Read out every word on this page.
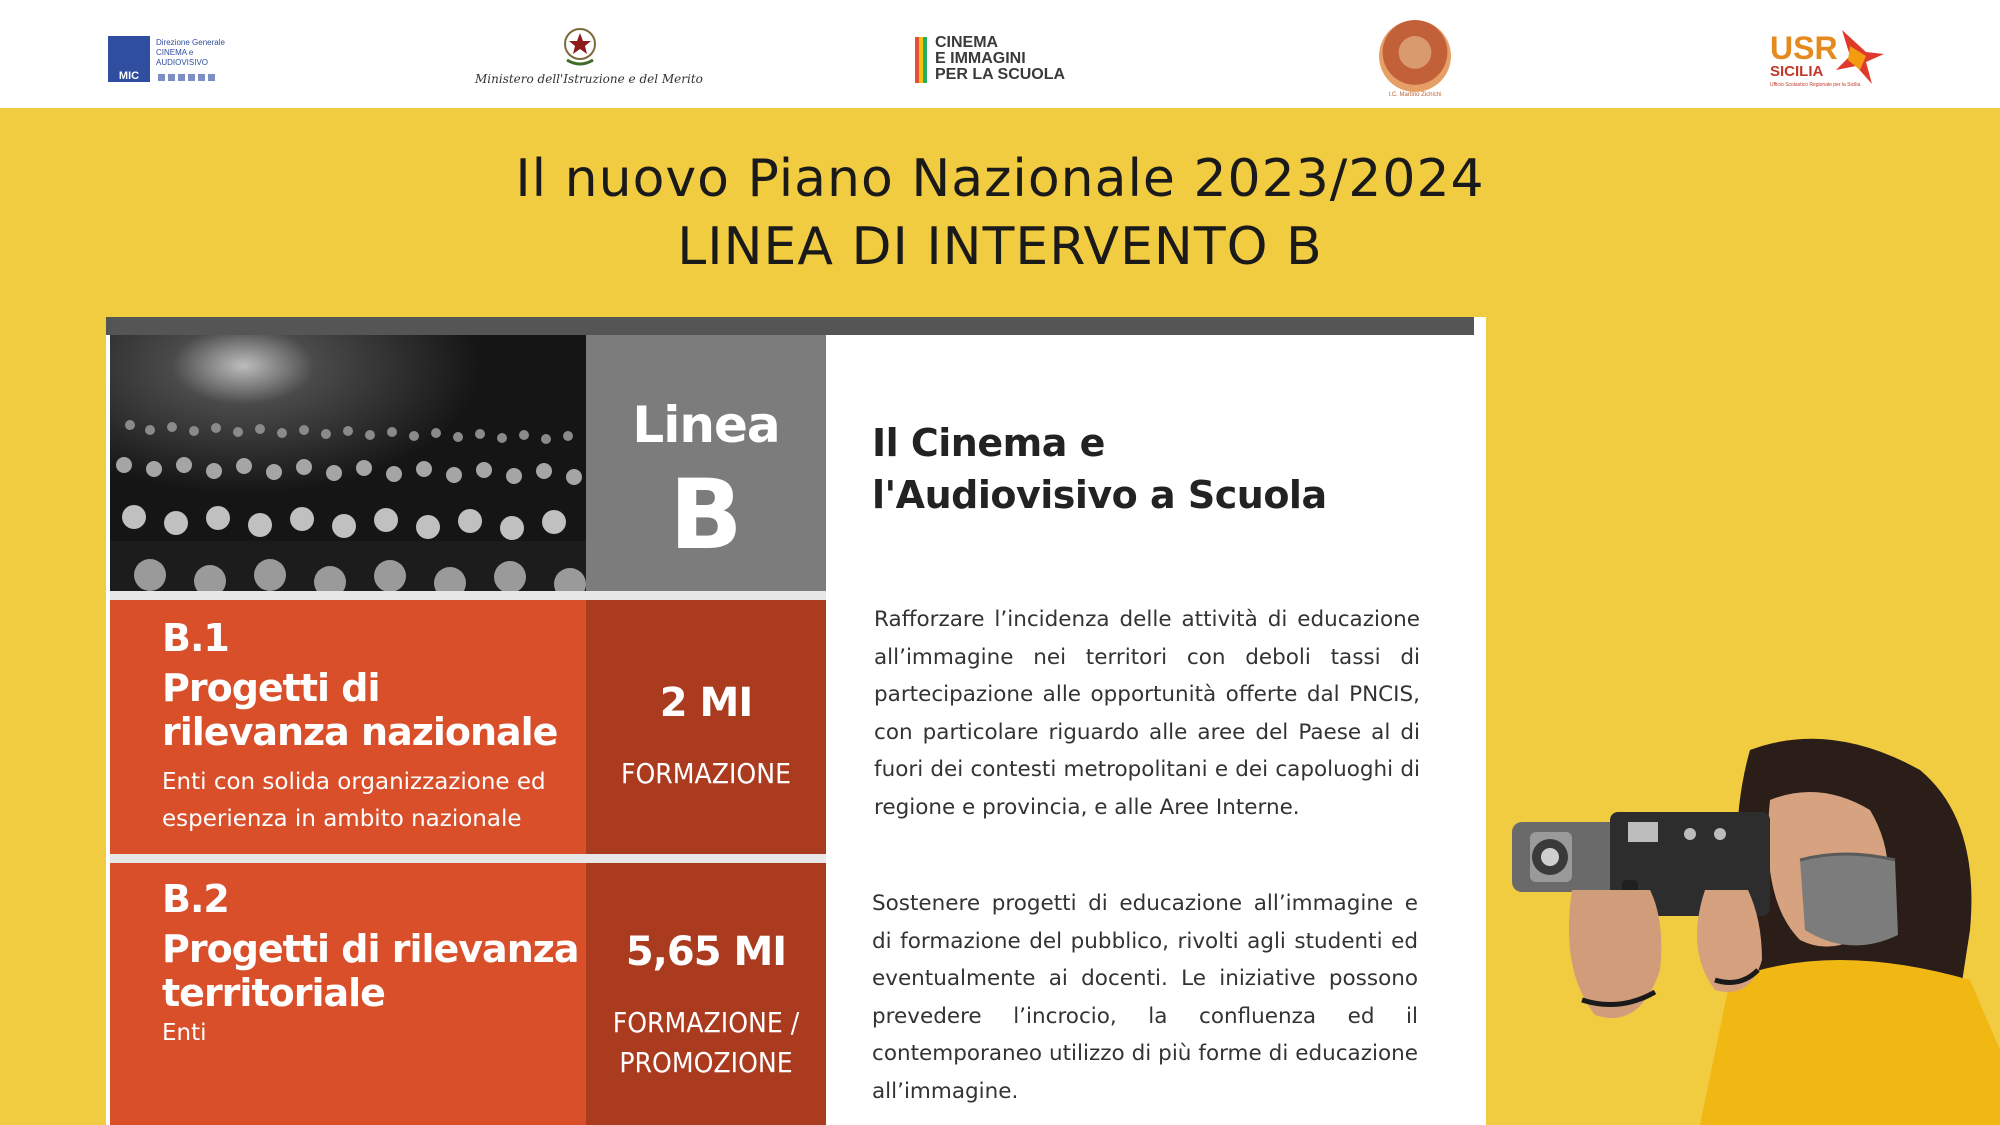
MIC
Direzione Generale
CINEMA e
AUDIOVISIVO
Ministero dell'Istruzione e del Merito
CINEMA
E IMMAGINI
PER LA SCUOLA
I.C. Martino Zichichi
USR
SICILIA
Ufficio Scolastico Regionale per la Sicilia
Il nuovo Piano Nazionale 2023/2024
LINEA DI INTERVENTO B
Linea
B
B.1
Progetti di
rilevanza nazionale
Enti con solida organizzazione ed
esperienza in ambito nazionale
2 MI
FORMAZIONE
B.2
Progetti di rilevanza
territoriale
Enti
5,65 MI
FORMAZIONE /
PROMOZIONE
Il Cinema e
l'Audiovisivo a Scuola
Rafforzare l’incidenza delle attività di educazione all’immagine nei territori con deboli tassi di partecipazione alle opportunità offerte dal PNCIS, con particolare riguardo alle aree del Paese al di fuori dei contesti metropolitani e dei capoluoghi di regione e provincia, e alle Aree Interne.
Sostenere progetti di educazione all’immagine e di formazione del pubblico, rivolti agli studenti ed eventualmente ai docenti. Le iniziative possono prevedere l’incrocio, la confluenza ed il contemporaneo utilizzo di più forme di educazione all’immagine.
